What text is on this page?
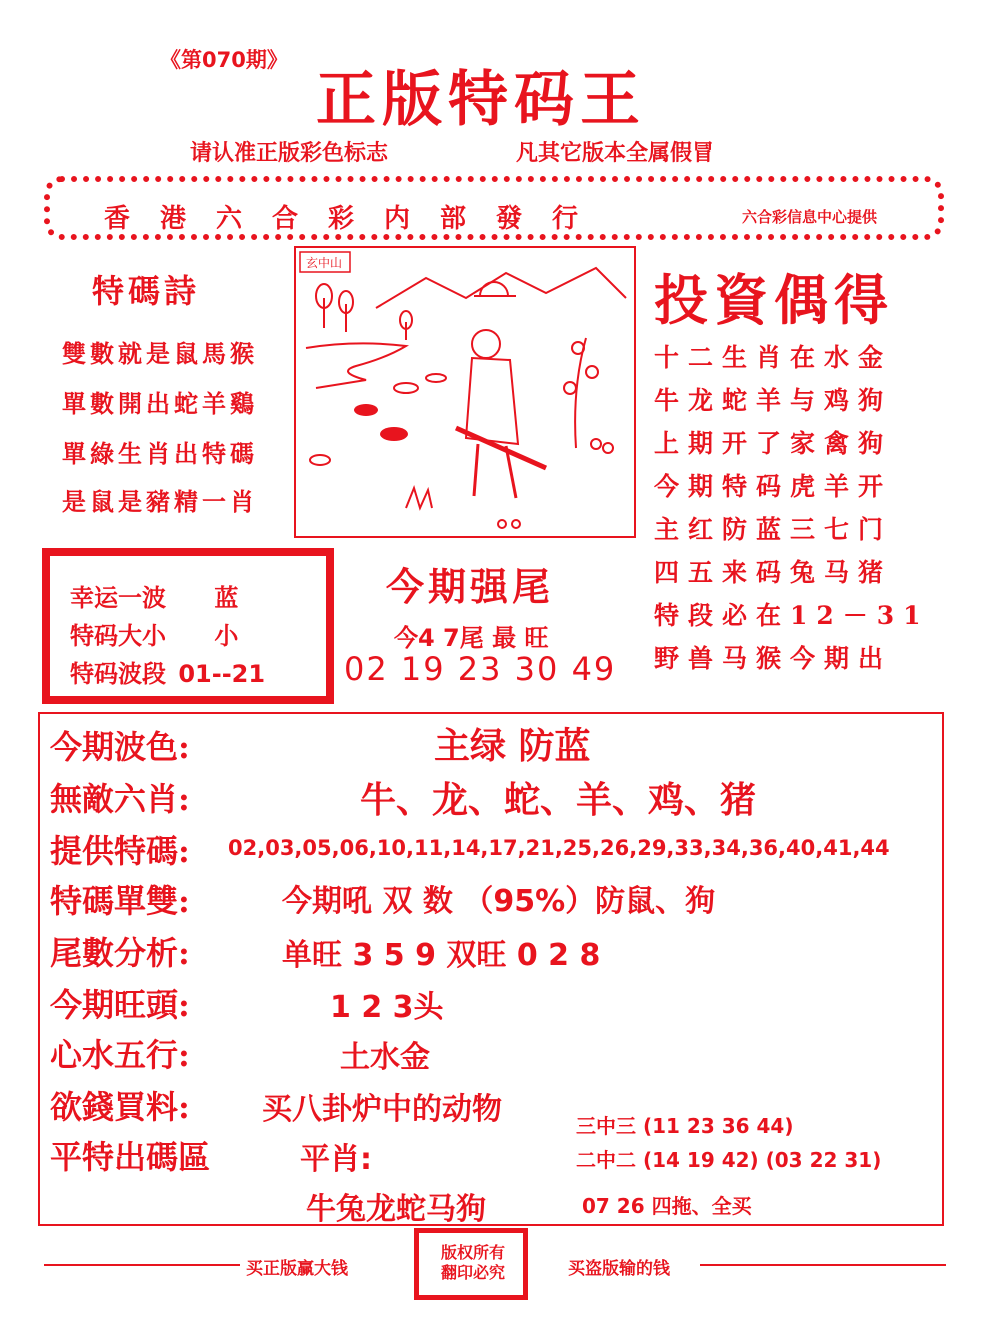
《第070期》
正版特码王
请认准正版彩色标志	凡其它版本全属假冒
香港六合彩内部發行	六合彩信息中心提供
特碼詩
雙數就是鼠馬猴
單數開出蛇羊鷄
單綠生肖出特碼
是鼠是豬精一肖
玄中山
投資偶得
十二生肖在水金
牛龙蛇羊与鸡狗
上期开了家禽狗
今期特码虎羊开
主红防蓝三七门
四五来码兔马猪
特段必在12－31
野兽马猴今期出
幸运一波 蓝
特码大小 小
特码波段 01--21
今期强尾
今4 7尾 最 旺
02 19 23 30 49
今期波色:	主绿 防蓝
無敵六肖:	牛、龙、蛇、羊、鸡、猪
提供特碼: 02,03,05,06,10,11,14,17,21,25,26,29,33,34,36,40,41,44
特碼單雙:	今期吼 双 数 （95%）防鼠、狗
尾數分析:	单旺 3 5 9 双旺 0 2 8
今期旺頭:	1 2 3头
心水五行:	土水金
欲錢買料: 买八卦炉中的动物
平特出碼區	平肖:
牛兔龙蛇马狗
三中三 (11 23 36 44)
二中二 (14 19 42) (03 22 31)
07 26 四拖、全买
买正版赢大钱
版权所有
翻印必究	买盗版输的钱
